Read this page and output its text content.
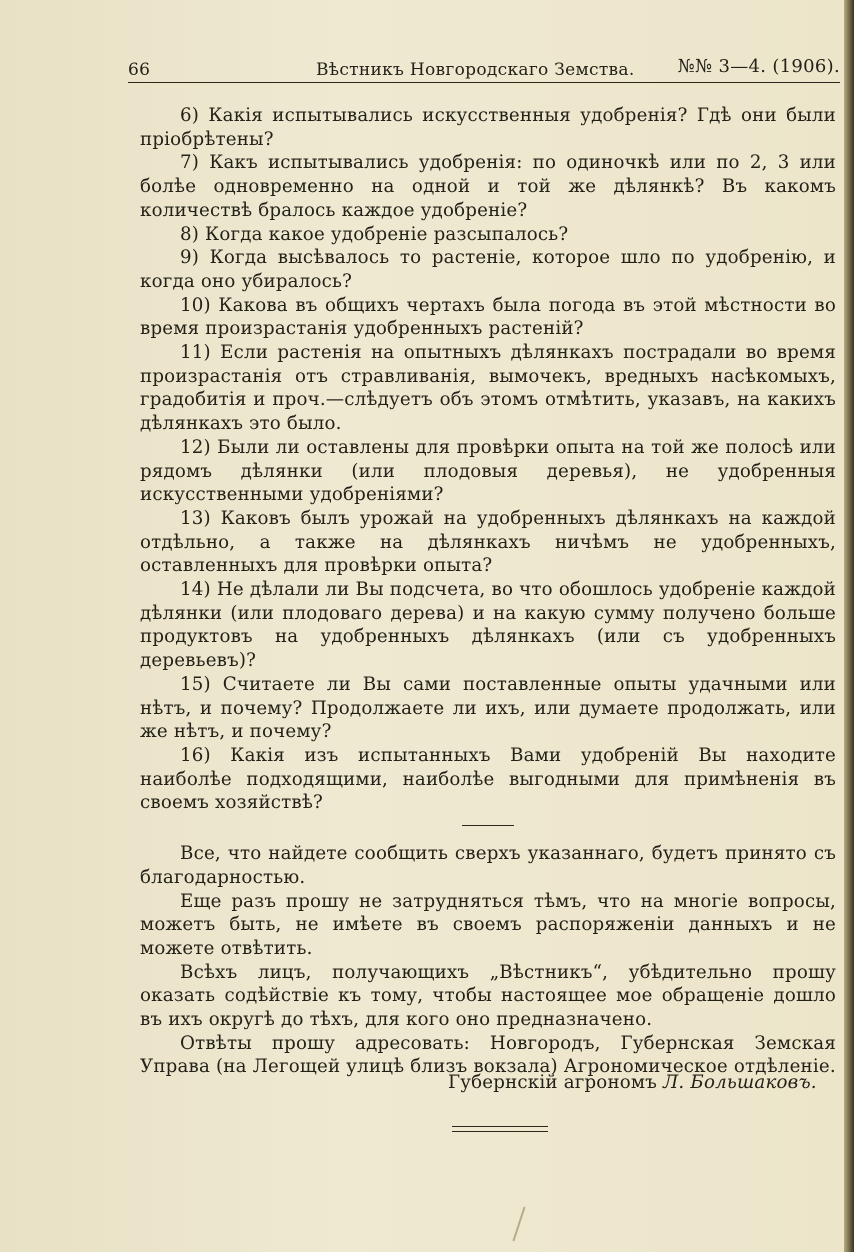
66	Вѣстникъ Новгородскаго Земства. №№ 3—4. (1906).

6) Какія испытывались искусственныя удобренія? Гдѣ они были пріобрѣтены?

7) Какъ испытывались удобренія: по одиночкѣ или по 2, 3 или болѣе одновременно на одной и той же дѣлянкѣ? Въ какомъ количествѣ бралось каждое удобреніе?

8) Когда какое удобреніе разсыпалось?

9) Когда высѣвалось то растеніе, которое шло по удобренію, и когда оно убиралось?

10) Какова въ общихъ чертахъ была погода въ этой мѣстности во время произрастанія удобренныхъ растеній?

11) Если растенія на опытныхъ дѣлянкахъ пострадали во время произрастанія отъ стравливанія, вымочекъ, вредныхъ насѣкомыхъ, градобитія и проч.—слѣдуетъ объ этомъ отмѣтить, указавъ, на какихъ дѣлянкахъ это было.

12) Были ли оставлены для провѣрки опыта на той же полосѣ или рядомъ дѣлянки (или плодовыя деревья), не удобренныя искусственными удобреніями?

13) Каковъ былъ урожай на удобренныхъ дѣлянкахъ на каждой отдѣльно, а также на дѣлянкахъ ничѣмъ не удобренныхъ, оставленныхъ для провѣрки опыта?

14) Не дѣлали ли Вы подсчета, во что обошлось удобреніе каждой дѣлянки (или плодоваго дерева) и на какую сумму получено больше продуктовъ на удобренныхъ дѣлянкахъ (или съ удобренныхъ деревьевъ)?

15) Считаете ли Вы сами поставленные опыты удачными или нѣтъ, и почему? Продолжаете ли ихъ, или думаете продолжать, или же нѣтъ, и почему?

16) Какія изъ испытанныхъ Вами удобреній Вы находите наиболѣе подходящими, наиболѣе выгодными для примѣненія въ своемъ хозяйствѣ?

Все, что найдете сообщить сверхъ указаннаго, будетъ принято съ благодарностью.

Еще разъ прошу не затрудняться тѣмъ, что на многіе вопросы, можетъ быть, не имѣете въ своемъ распоряженіи данныхъ и не можете отвѣтить.

Всѣхъ лицъ, получающихъ „Вѣстникъ“, убѣдительно прошу оказать содѣйствіе къ тому, чтобы настоящее мое обращеніе дошло въ ихъ округѣ до тѣхъ, для кого оно предназначено.

Отвѣты прошу адресовать: Новгородъ, Губернская Земская Управа (на Легощей улицѣ близъ вокзала) Агрономическое отдѣленіе.

Губернскій агрономъ Л. Большаковъ.
